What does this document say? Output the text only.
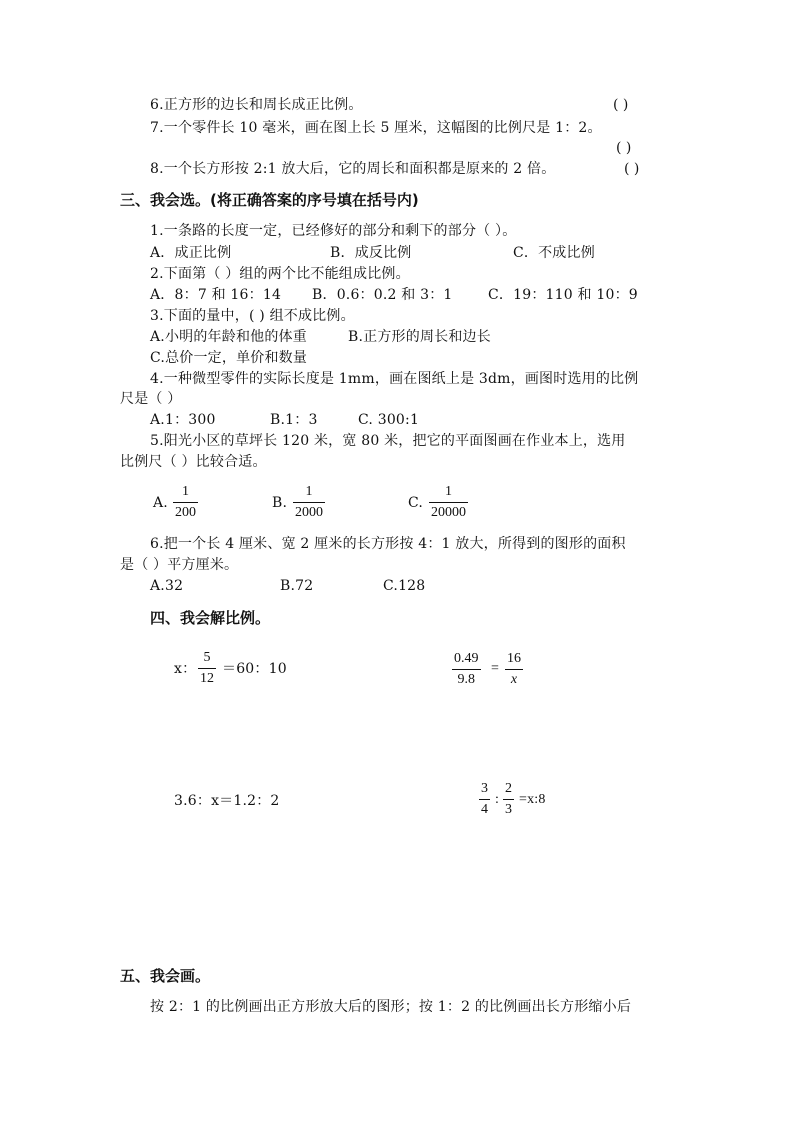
6.正方形的边长和周长成正比例。	( )
7.一个零件长 10 毫米，画在图上长 5 厘米，这幅图的比例尺是 1：2。
( )
8.一个长方形按 2:1 放大后，它的周长和面积都是原来的 2 倍。	( )
三、我会选。(将正确答案的序号填在括号内)
1.一条路的长度一定，已经修好的部分和剩下的部分（ ）。
A．成正比例	B．成反比例	C．不成比例
2.下面第（ ）组的两个比不能组成比例。
A．8：7 和 16：14 B．0.6：0.2 和 3：1	C．19：110 和 10：9
3.下面的量中，( ) 组不成比例。
A.小明的年龄和他的体重	B.正方形的周长和边长
C.总价一定，单价和数量
4.一种微型零件的实际长度是 1mm，画在图纸上是 3dm，画图时选用的比例
尺是（ ）
A.1：300	B.1：3	C. 300:1
5.阳光小区的草坪长 120 米，宽 80 米，把它的平面图画在作业本上，选用
比例尺（ ）比较合适。
A.
1
200
B.
1
2000
C.
1
20000
6.把一个长 4 厘米、宽 2 厘米的长方形按 4：1 放大，所得到的图形的面积
是（ ）平方厘米。
A.32	B.72	C.128
四、我会解比例。
x：
5
12
＝60：10
0.49
9.8
=
16
x
3.6：x＝1.2：2
3
4
:
2
3
=x:8
五、我会画。
按 2：1 的比例画出正方形放大后的图形；按 1：2 的比例画出长方形缩小后
